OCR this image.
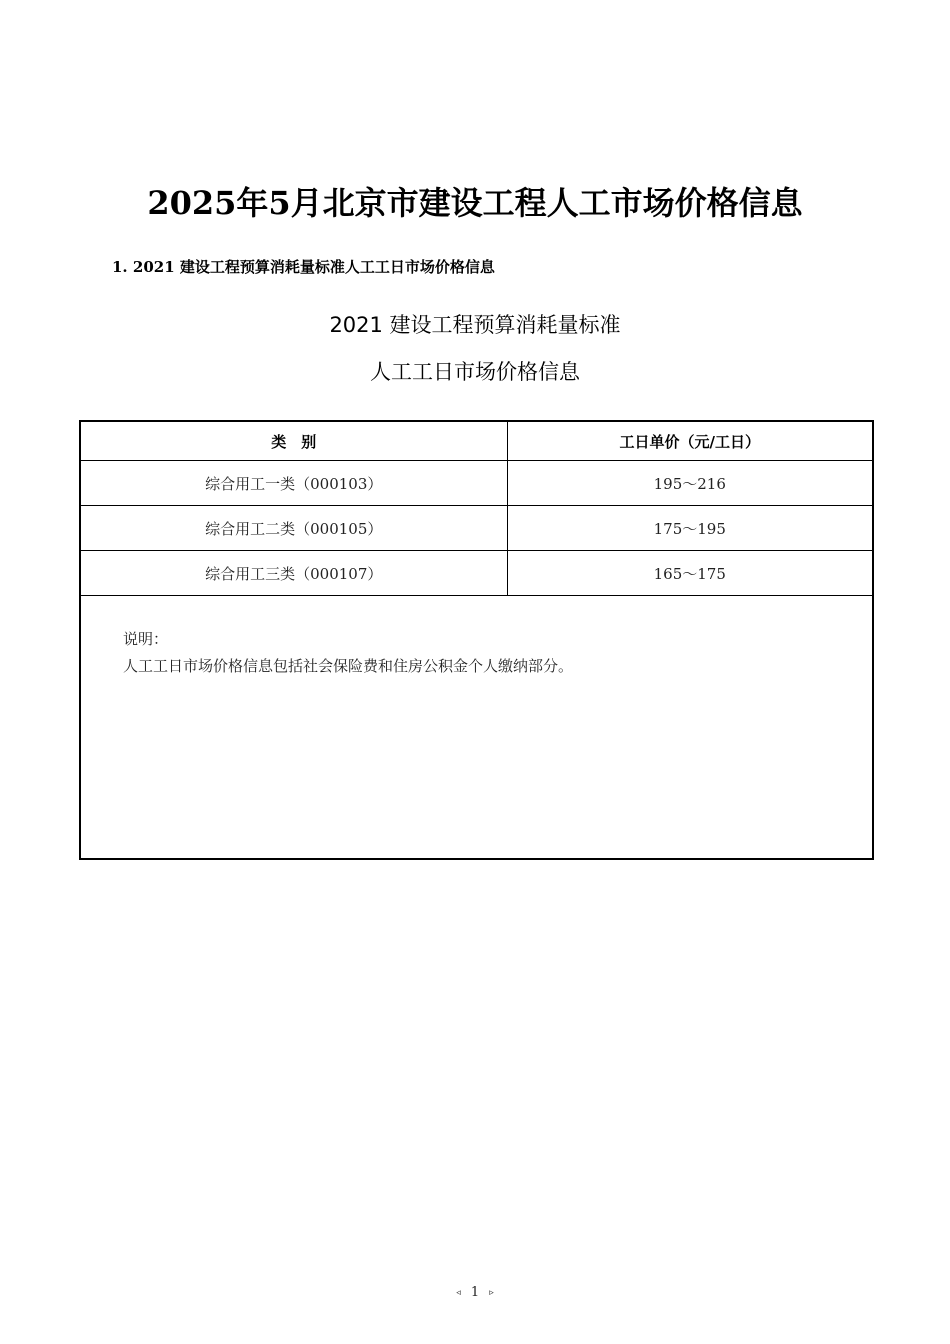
2025年5月北京市建设工程人工市场价格信息

1. 2021 建设工程预算消耗量标准人工工日市场价格信息

2021 建设工程预算消耗量标准

人工工日市场价格信息

类　别	工日单价（元/工日）
综合用工一类（000103）	195～216
综合用工二类（000105）	175～195
综合用工三类（000107）	165～175

说明：
人工工日市场价格信息包括社会保险费和住房公积金个人缴纳部分。	
◃ 1 ▹
